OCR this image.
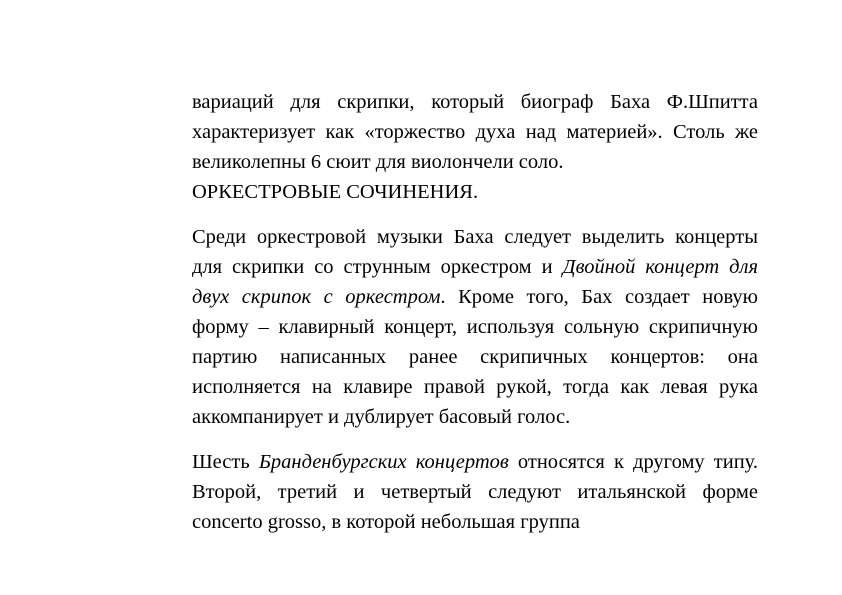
вариаций для скрипки, который биограф Баха Ф.Шпитта характеризует как «торжество духа над материей». Столь же великолепны 6 сюит для виолончели соло.

ОРКЕСТРОВЫЕ СОЧИНЕНИЯ.

Среди оркестровой музыки Баха следует выделить концерты для скрипки со струнным оркестром и Двойной концерт для двух скрипок с оркестром. Кроме того, Бах создает новую форму – клавирный концерт, используя сольную скрипичную партию написанных ранее скрипичных концертов: она исполняется на клавире правой рукой, тогда как левая рука аккомпанирует и дублирует басовый голос.

Шесть Бранденбургских концертов относятся к другому типу. Второй, третий и четвертый следуют итальянской форме concerto grosso, в которой небольшая группа
